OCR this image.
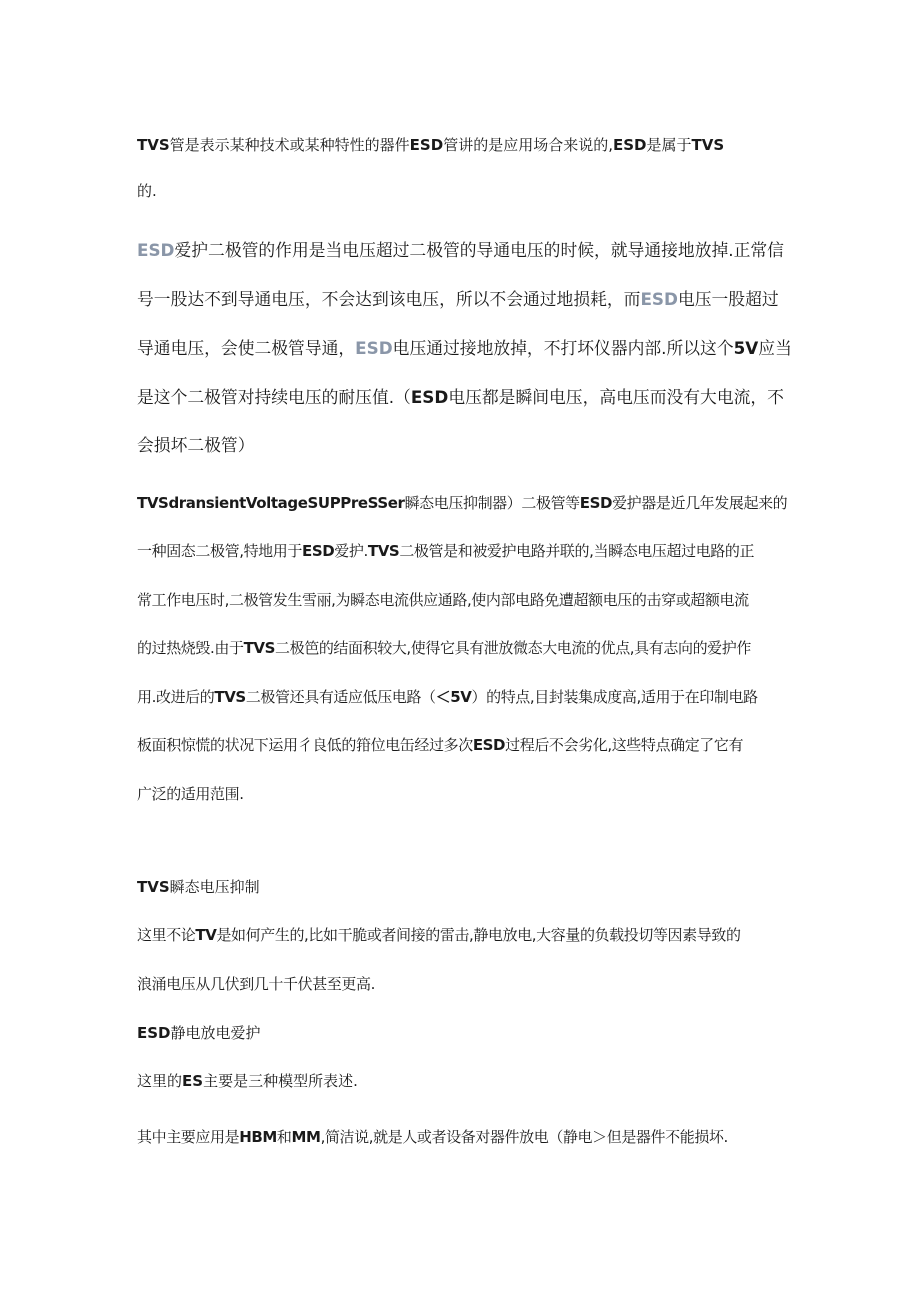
TVS管是表示某种技术或某种特性的器件ESD管讲的是应用场合来说的,ESD是属于TVS
的.
ESD爱护二极管的作用是当电压超过二极管的导通电压的时候，就导通接地放掉.正常信
号一股达不到导通电压，不会达到该电压，所以不会通过地损耗，而ESD电压一股超过
导通电压，会使二极管导通，ESD电压通过接地放掉，不打坏仪器内部.所以这个5V应当
是这个二极管对持续电压的耐压值.（ESD电压都是瞬间电压，高电压而没有大电流，不
会损坏二极管）
TVSdransientVoltageSUPPreSSer瞬态电压抑制器）二极管等ESD爱护器是近几年发展起来的
一种固态二极管,特地用于ESD爱护.TVS二极管是和被爱护电路并联的,当瞬态电压超过电路的正
常工作电压时,二极管发生雪丽,为瞬态电流供应通路,使内部电路免遭超额电压的击穿或超额电流
的过热烧毁.由于TVS二极笆的结面积较大,使得它具有泄放微态大电流的优点,具有志向的爱护作
用.改进后的TVS二极管还具有适应低压电路（＜5V）的特点,目封装集成度高,适用于在印制电路
板面积惊慌的状况下运用彳良低的箝位电缶经过多次ESD过程后不会劣化,这些特点确定了它有
广泛的适用范围.
TVS瞬态电压抑制
这里不论TV是如何产生的,比如干脆或者间接的雷击,静电放电,大容量的负载投切等因素导致的
浪涌电压从几伏到几十千伏甚至更高.
ESD静电放电爱护
这里的ES主要是三种模型所表述.
其中主要应用是HBM和MM,简洁说,就是人或者设备对器件放电（静电＞但是器件不能损坏.
